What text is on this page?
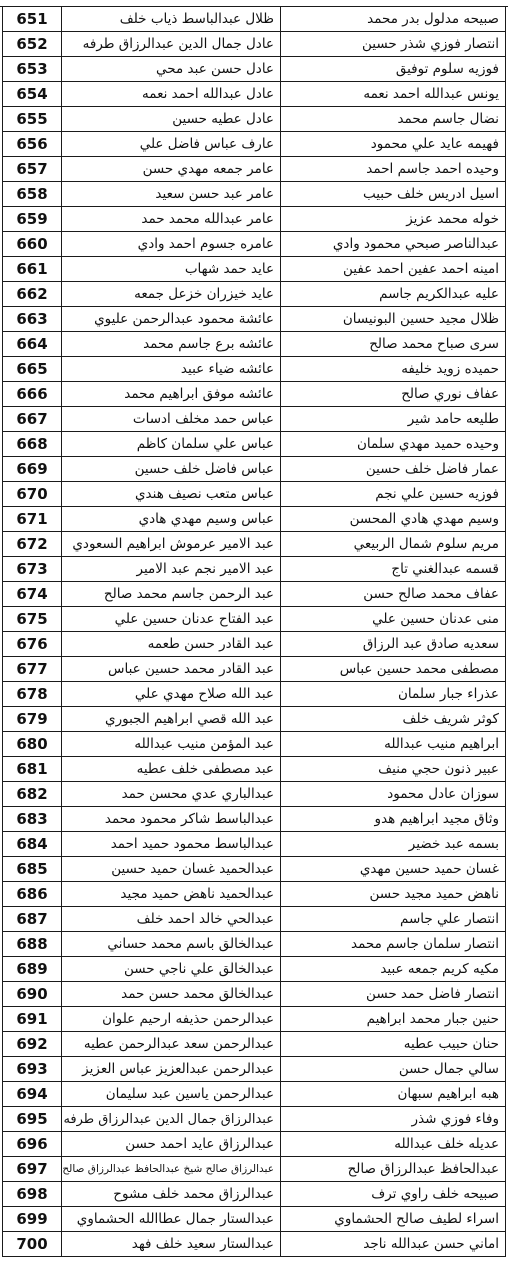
651	ظلال عبدالباسط ذياب خلف	صبيحه مدلول بدر محمد
652	عادل جمال الدين عبدالرزاق طرفه	انتصار فوزي شذر حسين
653	عادل حسن عبد محي	فوزيه سلوم توفيق
654	عادل عبدالله احمد نعمه	يونس عبدالله احمد نعمه
655	عادل عطيه حسين	نضال جاسم محمد
656	عارف عباس فاضل علي	فهيمه عايد علي محمود
657	عامر جمعه مهدي حسن	وحيده احمد جاسم احمد
658	عامر عبد حسن سعيد	اسيل ادريس خلف حبيب
659	عامر عبدالله محمد حمد	خوله محمد عزيز
660	عامره جسوم احمد وادي	عبدالناصر صبحي محمود وادي
661	عايد حمد شهاب	امينه احمد عفين احمد عفين
662	عايد خيزران خزعل جمعه	عليه عبدالكريم جاسم
663	عائشة محمود عبدالرحمن عليوي	ظلال مجيد حسين البونيسان
664	عائشه برع جاسم محمد	سرى صباح محمد صالح
665	عائشه ضياء عبيد	حميده زويد خليفه
666	عائشه موفق ابراهيم محمد	عفاف نوري صالح
667	عباس حمد مخلف ادسات	طليعه حامد شير
668	عباس علي سلمان كاظم	وحيده حميد مهدي سلمان
669	عباس فاضل خلف حسين	عمار فاضل خلف حسين
670	عباس متعب نصيف هندي	فوزيه حسين علي نجم
671	عباس وسيم مهدي هادي	وسيم مهدي هادي المحسن
672	عبد الامير عرموش ابراهيم السعودي	مريم سلوم شمال الربيعي
673	عبد الامير نجم عبد الامير	قسمه عبدالغني تاج
674	عبد الرحمن جاسم محمد صالح	عفاف محمد صالح حسن
675	عبد الفتاح عدنان حسين علي	منى عدنان حسين علي
676	عبد القادر حسن طعمه	سعديه صادق عبد الرزاق
677	عبد القادر محمد حسين عباس	مصطفى محمد حسين عباس
678	عبد الله صلاح مهدي علي	عذراء جبار سلمان
679	عبد الله قصي ابراهيم الجبوري	كوثر شريف خلف
680	عبد المؤمن منيب عبدالله	ابراهيم منيب عبدالله
681	عبد مصطفى خلف عطيه	عبير ذنون حجي منيف
682	عبدالباري عدي محسن حمد	سوزان عادل محمود
683	عبدالباسط شاكر محمود محمد	وثاق مجيد ابراهيم هدو
684	عبدالباسط محمود حميد احمد	بسمه عبد خضير
685	عبدالحميد غسان حميد حسين	غسان حميد حسين مهدي
686	عبدالحميد ناهض حميد مجيد	ناهض حميد مجيد حسن
687	عبدالحي خالد احمد خلف	انتصار علي جاسم
688	عبدالخالق باسم محمد حساني	انتصار سلمان جاسم محمد
689	عبدالخالق علي ناجي حسن	مكيه كريم جمعه عبيد
690	عبدالخالق محمد حسن حمد	انتصار فاضل حمد حسن
691	عبدالرحمن حذيفه ارحيم علوان	حنين جبار محمد ابراهيم
692	عبدالرحمن سعد عبدالرحمن عطيه	حنان حبيب عطيه
693	عبدالرحمن عبدالعزيز عباس العزيز	سالي جمال حسن
694	عبدالرحمن ياسين عبد سليمان	هبه ابراهيم سبهان
695	عبدالرزاق جمال الدين عبدالرزاق طرفه	وفاء فوزي شذر
696	عبدالرزاق عايد احمد حسن	عديله خلف عبدالله
697	عبدالرزاق صالح شيخ عبدالحافظ عبدالرزاق صالح	عبدالحافظ عبدالرزاق صالح
698	عبدالرزاق محمد خلف مشوح	صبيحه خلف راوي ترف
699	عبدالستار جمال عطاالله الحشماوي	اسراء لطيف صالح الحشماوي
700	عبدالستار سعيد خلف فهد	اماني حسن عبدالله ناجد
